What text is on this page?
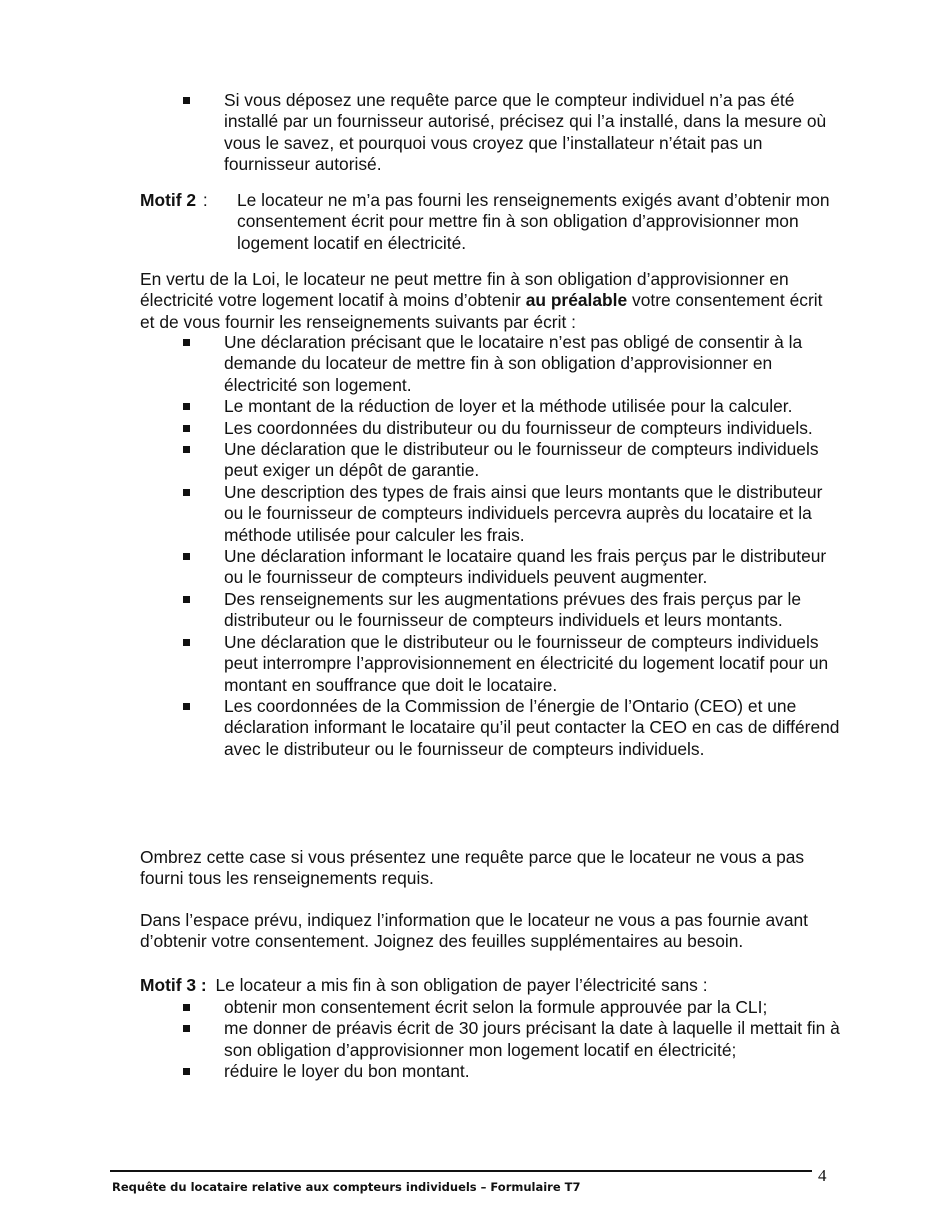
Si vous déposez une requête parce que le compteur individuel n’a pas été installé par un fournisseur autorisé, précisez qui l’a installé, dans la mesure où vous le savez, et pourquoi vous croyez que l’installateur n’était pas un fournisseur autorisé.
Motif 2 : Le locateur ne m’a pas fourni les renseignements exigés avant d’obtenir mon consentement écrit pour mettre fin à son obligation d’approvisionner mon logement locatif en électricité.
En vertu de la Loi, le locateur ne peut mettre fin à son obligation d’approvisionner en électricité votre logement locatif à moins d’obtenir au préalable votre consentement écrit et de vous fournir les renseignements suivants par écrit :
Une déclaration précisant que le locataire n’est pas obligé de consentir à la demande du locateur de mettre fin à son obligation d’approvisionner en électricité son logement.
Le montant de la réduction de loyer et la méthode utilisée pour la calculer.
Les coordonnées du distributeur ou du fournisseur de compteurs individuels.
Une déclaration que le distributeur ou le fournisseur de compteurs individuels peut exiger un dépôt de garantie.
Une description des types de frais ainsi que leurs montants que le distributeur ou le fournisseur de compteurs individuels percevra auprès du locataire et la méthode utilisée pour calculer les frais.
Une déclaration informant le locataire quand les frais perçus par le distributeur ou le fournisseur de compteurs individuels peuvent augmenter.
Des renseignements sur les augmentations prévues des frais perçus par le distributeur ou le fournisseur de compteurs individuels et leurs montants.
Une déclaration que le distributeur ou le fournisseur de compteurs individuels peut interrompre l’approvisionnement en électricité du logement locatif pour un montant en souffrance que doit le locataire.
Les coordonnées de la Commission de l’énergie de l’Ontario (CEO) et une déclaration informant le locataire qu’il peut contacter la CEO en cas de différend avec le distributeur ou le fournisseur de compteurs individuels.
Ombrez cette case si vous présentez une requête parce que le locateur ne vous a pas fourni tous les renseignements requis.
Dans l’espace prévu, indiquez l’information que le locateur ne vous a pas fournie avant d’obtenir votre consentement. Joignez des feuilles supplémentaires au besoin.
Motif 3 : Le locateur a mis fin à son obligation de payer l’électricité sans :
obtenir mon consentement écrit selon la formule approuvée par la CLI;
me donner de préavis écrit de 30 jours précisant la date à laquelle il mettait fin à son obligation d’approvisionner mon logement locatif en électricité;
réduire le loyer du bon montant.
4
Requête du locataire relative aux compteurs individuels – Formulaire T7
